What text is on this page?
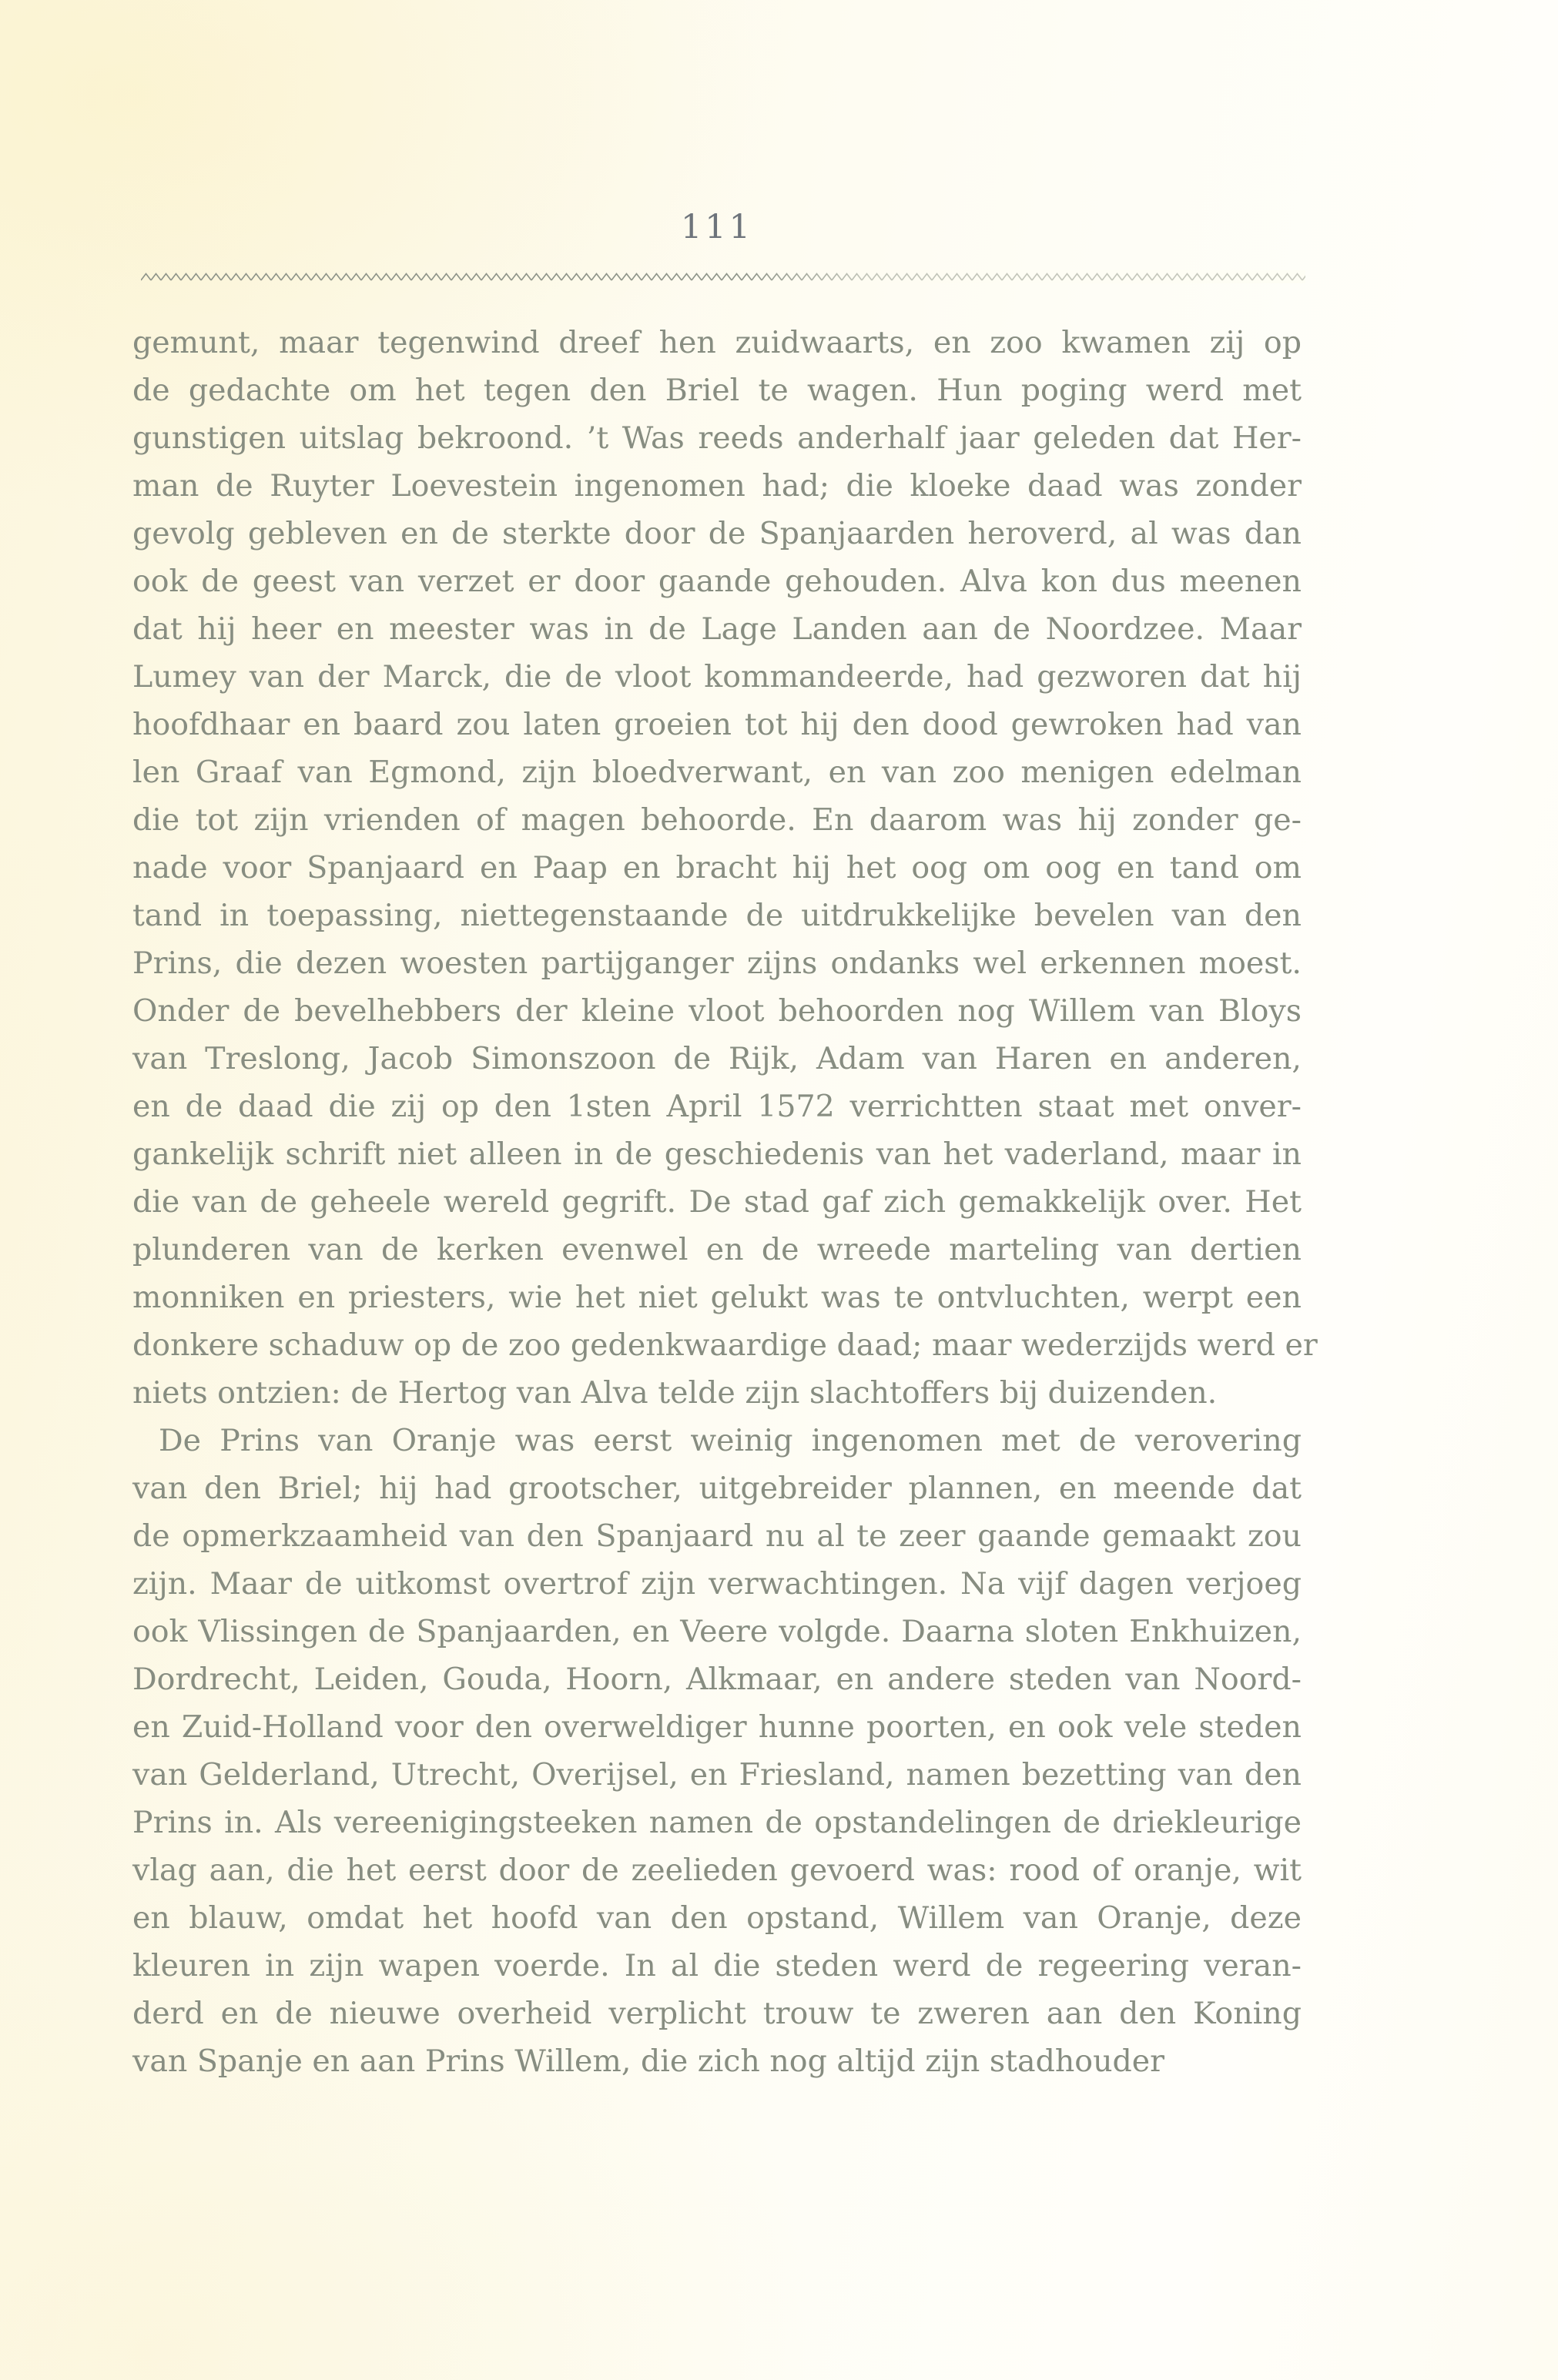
111
gemunt, maar tegenwind dreef hen zuidwaarts, en zoo kwamen zij op
de gedachte om het tegen den Briel te wagen. Hun poging werd met
gunstigen uitslag bekroond. ’t Was reeds anderhalf jaar geleden dat Her-
man de Ruyter Loevestein ingenomen had; die kloeke daad was zonder
gevolg gebleven en de sterkte door de Spanjaarden heroverd, al was dan
ook de geest van verzet er door gaande gehouden. Alva kon dus meenen
dat hij heer en meester was in de Lage Landen aan de Noordzee. Maar
Lumey van der Marck, die de vloot kommandeerde, had gezworen dat hij
hoofdhaar en baard zou laten groeien tot hij den dood gewroken had van
len Graaf van Egmond, zijn bloedverwant, en van zoo menigen edelman
die tot zijn vrienden of magen behoorde. En daarom was hij zonder ge-
nade voor Spanjaard en Paap en bracht hij het oog om oog en tand om
tand in toepassing, niettegenstaande de uitdrukkelijke bevelen van den
Prins, die dezen woesten partijganger zijns ondanks wel erkennen moest.
Onder de bevelhebbers der kleine vloot behoorden nog Willem van Bloys
van Treslong, Jacob Simonszoon de Rijk, Adam van Haren en anderen,
en de daad die zij op den 1sten April 1572 verrichtten staat met onver-
gankelijk schrift niet alleen in de geschiedenis van het vaderland, maar in
die van de geheele wereld gegrift. De stad gaf zich gemakkelijk over. Het
plunderen van de kerken evenwel en de wreede marteling van dertien
monniken en priesters, wie het niet gelukt was te ontvluchten, werpt een
donkere schaduw op de zoo gedenkwaardige daad; maar wederzijds werd er
niets ontzien: de Hertog van Alva telde zijn slachtoffers bij duizenden.
De Prins van Oranje was eerst weinig ingenomen met de verovering
van den Briel; hij had grootscher, uitgebreider plannen, en meende dat
de opmerkzaamheid van den Spanjaard nu al te zeer gaande gemaakt zou
zijn. Maar de uitkomst overtrof zijn verwachtingen. Na vijf dagen verjoeg
ook Vlissingen de Spanjaarden, en Veere volgde. Daarna sloten Enkhuizen,
Dordrecht, Leiden, Gouda, Hoorn, Alkmaar, en andere steden van Noord-
en Zuid-Holland voor den overweldiger hunne poorten, en ook vele steden
van Gelderland, Utrecht, Overijsel, en Friesland, namen bezetting van den
Prins in. Als vereenigingsteeken namen de opstandelingen de driekleurige
vlag aan, die het eerst door de zeelieden gevoerd was: rood of oranje, wit
en blauw, omdat het hoofd van den opstand, Willem van Oranje, deze
kleuren in zijn wapen voerde. In al die steden werd de regeering veran-
derd en de nieuwe overheid verplicht trouw te zweren aan den Koning
van Spanje en aan Prins Willem, die zich nog altijd zijn stadhouder
